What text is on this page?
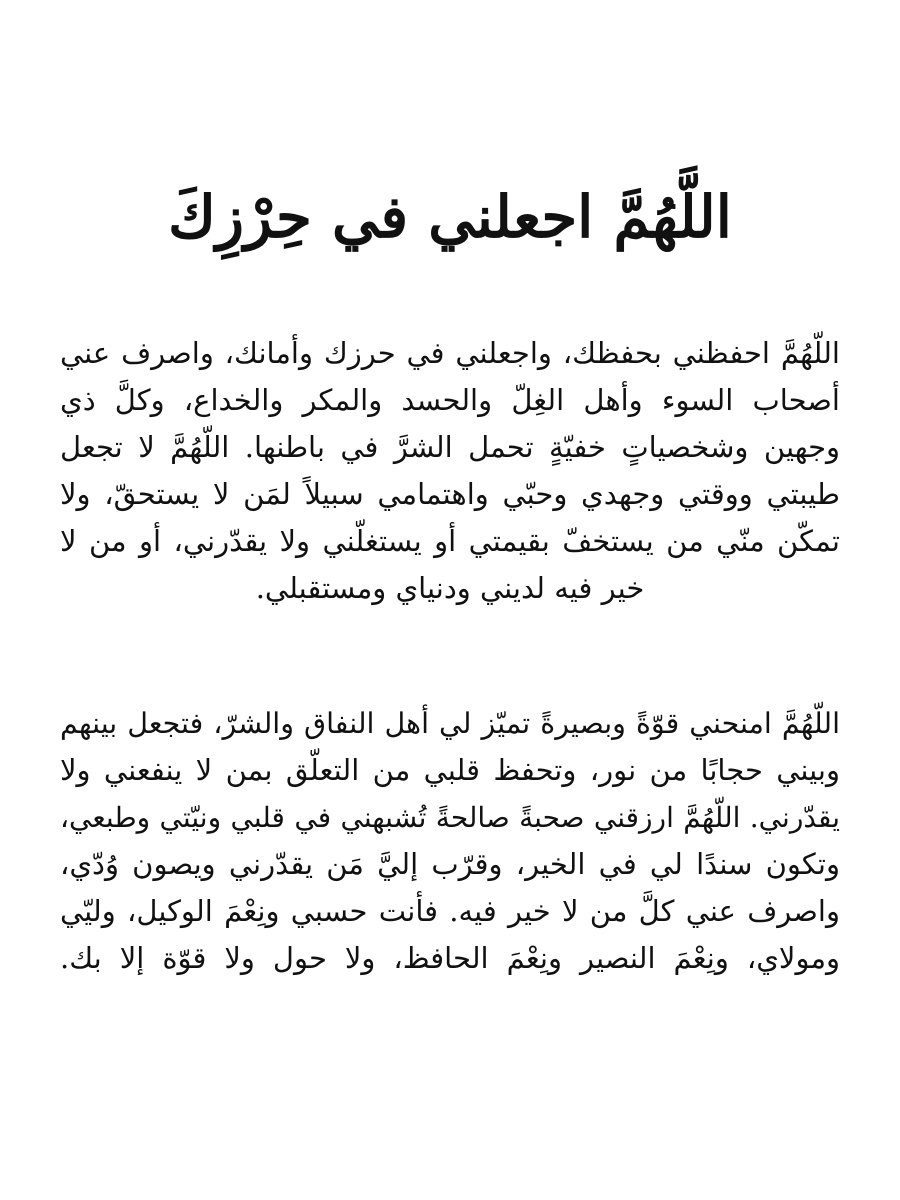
اللَّهُمَّ اجعلني في حِرْزِكَ
اللّهُمَّ احفظني بحفظك، واجعلني في حرزك وأمانك، واصرف عني
أصحاب السوء وأهل الغِلّ والحسد والمكر والخداع، وكلَّ ذي
وجهين وشخصياتٍ خفيّةٍ تحمل الشرَّ في باطنها. اللّهُمَّ لا تجعل
طيبتي ووقتي وجهدي وحبّي واهتمامي سبيلاً لمَن لا يستحقّ، ولا
تمكّن منّي من يستخفّ بقيمتي أو يستغلّني ولا يقدّرني، أو من لا
خير فيه لديني ودنياي ومستقبلي.
اللّهُمَّ امنحني قوّةً وبصيرةً تميّز لي أهل النفاق والشرّ، فتجعل بينهم
وبيني حجابًا من نور، وتحفظ قلبي من التعلّق بمن لا ينفعني ولا
يقدّرني. اللّهُمَّ ارزقني صحبةً صالحةً تُشبهني في قلبي ونيّتي وطبعي،
وتكون سندًا لي في الخير، وقرّب إليَّ مَن يقدّرني ويصون وُدّي،
واصرف عني كلَّ من لا خير فيه. فأنت حسبي ونِعْمَ الوكيل، وليّي
ومولاي، ونِعْمَ النصير ونِعْمَ الحافظ، ولا حول ولا قوّة إلا بك.
